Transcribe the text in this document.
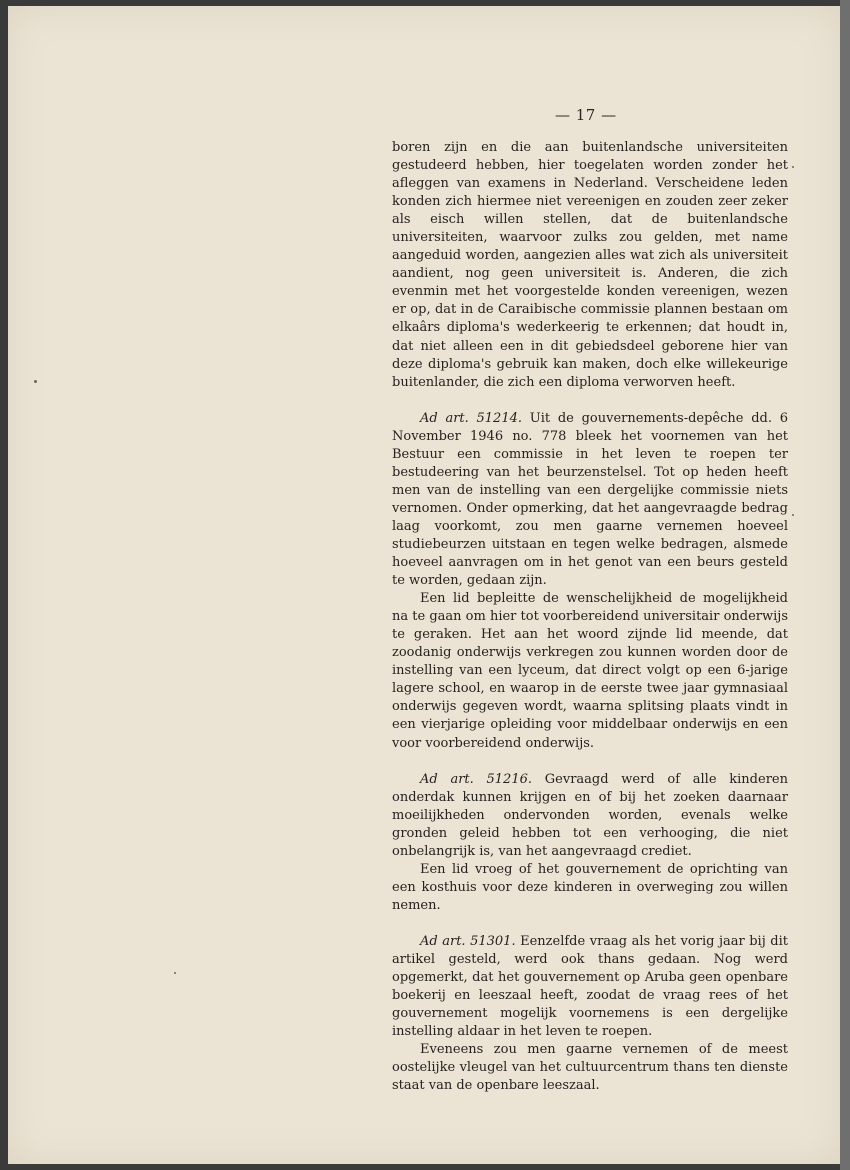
— 17 —

boren zijn en die aan buitenlandsche universiteiten gestudeerd hebben, hier toegelaten worden zonder het afleggen van examens in Nederland. Verscheidene leden konden zich hiermee niet vereenigen en zouden zeer zeker als eisch willen stellen, dat de buitenlandsche universiteiten, waarvoor zulks zou gelden, met name aangeduid worden, aangezien alles wat zich als universiteit aandient, nog geen universiteit is. Anderen, die zich evenmin met het voorgestelde konden vereenigen, wezen er op, dat in de Caraibische commissie plannen bestaan om elkaârs diploma's wederkeerig te erkennen; dat houdt in, dat niet alleen een in dit gebiedsdeel geborene hier van deze diploma's gebruik kan maken, doch elke willekeurige buitenlander, die zich een diploma verworven heeft.

Ad art. 51214. Uit de gouvernements-depêche dd. 6 November 1946 no. 778 bleek het voornemen van het Bestuur een commissie in het leven te roepen ter bestudeering van het beurzenstelsel. Tot op heden heeft men van de instelling van een dergelijke commissie niets vernomen. Onder opmerking, dat het aangevraagde bedrag laag voorkomt, zou men gaarne vernemen hoeveel studiebeurzen uitstaan en tegen welke bedragen, alsmede hoeveel aanvragen om in het genot van een beurs gesteld te worden, gedaan zijn.

Een lid bepleitte de wenschelijkheid de mogelijkheid na te gaan om hier tot voorbereidend universitair onderwijs te geraken. Het aan het woord zijnde lid meende, dat zoodanig onderwijs verkregen zou kunnen worden door de instelling van een lyceum, dat direct volgt op een 6-jarige lagere school, en waarop in de eerste twee jaar gymnasiaal onderwijs gegeven wordt, waarna splitsing plaats vindt in een vierjarige opleiding voor middelbaar onderwijs en een voor voorbereidend onderwijs.

Ad art. 51216. Gevraagd werd of alle kinderen onderdak kunnen krijgen en of bij het zoeken daarnaar moeilijkheden ondervonden worden, evenals welke gronden geleid hebben tot een verhooging, die niet onbelangrijk is, van het aangevraagd crediet.

Een lid vroeg of het gouvernement de oprichting van een kosthuis voor deze kinderen in overweging zou willen nemen.

Ad art. 51301. Eenzelfde vraag als het vorig jaar bij dit artikel gesteld, werd ook thans gedaan. Nog werd opgemerkt, dat het gouvernement op Aruba geen openbare boekerij en leeszaal heeft, zoodat de vraag rees of het gouvernement mogelijk voornemens is een dergelijke instelling aldaar in het leven te roepen.

Eveneens zou men gaarne vernemen of de meest oostelijke vleugel van het cultuurcentrum thans ten dienste staat van de openbare leeszaal.
